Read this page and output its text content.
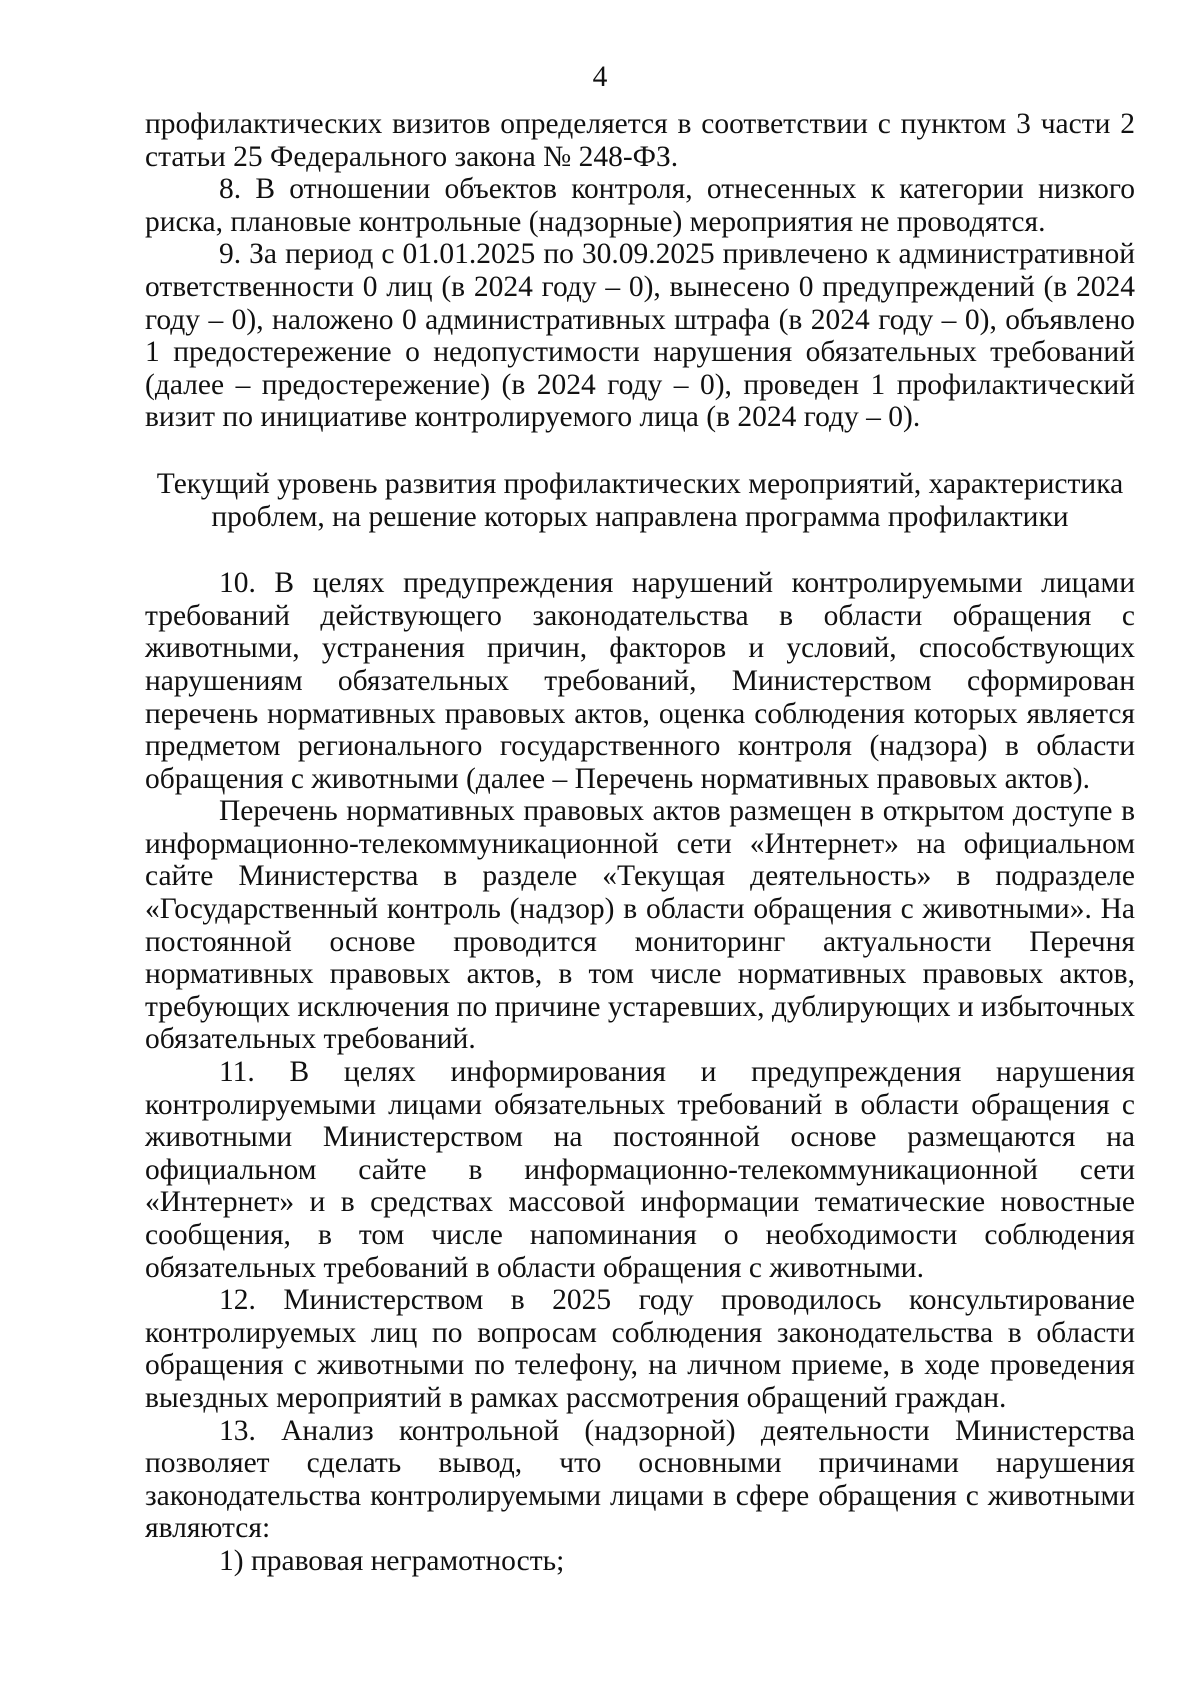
4

профилактических визитов определяется в соответствии с пунктом 3 части 2 статьи 25 Федерального закона № 248-ФЗ.

8. В отношении объектов контроля, отнесенных к категории низкого риска, плановые контрольные (надзорные) мероприятия не проводятся.

9. За период с 01.01.2025 по 30.09.2025 привлечено к административной ответственности 0 лиц (в 2024 году – 0), вынесено 0 предупреждений (в 2024 году – 0), наложено 0 административных штрафа (в 2024 году – 0), объявлено 1 предостережение о недопустимости нарушения обязательных требований (далее – предостережение) (в 2024 году – 0), проведен 1 профилактический визит по инициативе контролируемого лица (в 2024 году – 0).

Текущий уровень развития профилактических мероприятий, характеристика
проблем, на решение которых направлена программа профилактики

10. В целях предупреждения нарушений контролируемыми лицами требований действующего законодательства в области обращения с животными, устранения причин, факторов и условий, способствующих нарушениям обязательных требований, Министерством сформирован перечень нормативных правовых актов, оценка соблюдения которых является предметом регионального государственного контроля (надзора) в области обращения с животными (далее – Перечень нормативных правовых актов).

Перечень нормативных правовых актов размещен в открытом доступе в информационно-телекоммуникационной сети «Интернет» на официальном сайте Министерства в разделе «Текущая деятельность» в подразделе «Государственный контроль (надзор) в области обращения с животными». На постоянной основе проводится мониторинг актуальности Перечня нормативных правовых актов, в том числе нормативных правовых актов, требующих исключения по причине устаревших, дублирующих и избыточных обязательных требований.

11. В целях информирования и предупреждения нарушения контролируемыми лицами обязательных требований в области обращения с животными Министерством на постоянной основе размещаются на официальном сайте в информационно-телекоммуникационной сети «Интернет» и в средствах массовой информации тематические новостные сообщения, в том числе напоминания о необходимости соблюдения обязательных требований в области обращения с животными.

12. Министерством в 2025 году проводилось консультирование контролируемых лиц по вопросам соблюдения законодательства в области обращения с животными по телефону, на личном приеме, в ходе проведения выездных мероприятий в рамках рассмотрения обращений граждан.

13. Анализ контрольной (надзорной) деятельности Министерства позволяет сделать вывод, что основными причинами нарушения законодательства контролируемыми лицами в сфере обращения с животными являются:

1) правовая неграмотность;
